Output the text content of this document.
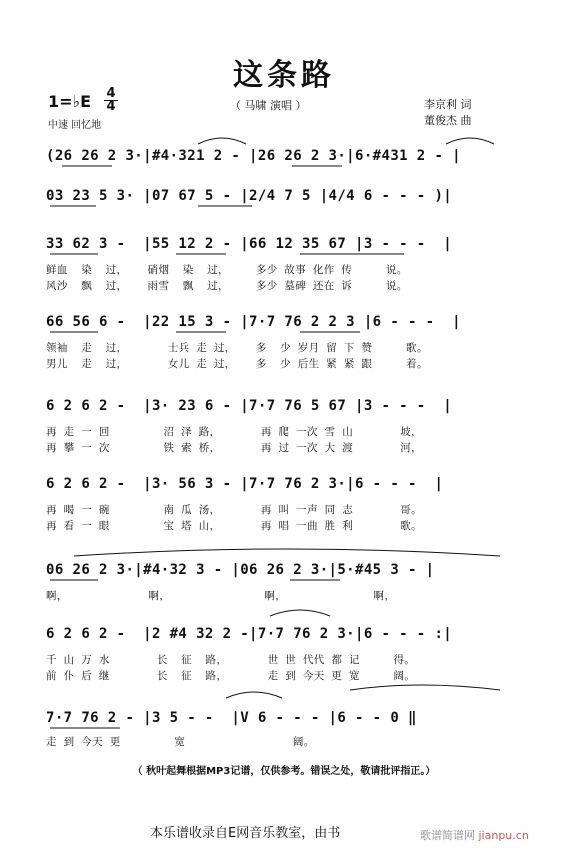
这条路
1=♭E 4
4
中速 回忆地
（ 马啸 演唱 ）	李京利 词
董俊杰 曲
(26 26 2 3·|#4·321 2 - |26 26 2 3·|6·#431 2 - |
03 23 5 3· |07 67 5 - |2/4 7 5 |4/4 6 - - - )|
33 62 3 -  |55 12 2 - |66 12 35 67 |3 - - -  |
鲜血  染  过，   硝烟  染  过，    多少 故事 化作 传     说。
风沙  飘  过，   雨雪  飘  过，    多少 墓碑 还在 诉     说。
66 56 6 -  |22 15 3 - |7·7 76 2 2 3 |6 - - -  |
领袖  走  过，      士兵 走 过，   多  少 岁月 留 下 赞     歌。
男儿  走  过，      女儿 走 过，   多  少 后生 紧 紧 跟     着。
6 2 6 2 -  |3· 23 6 - |7·7 76 5 67 |3 - - -  |
再 走 一 回        沼 泽 路，      再 爬 一次 雪 山       坡，
再 攀 一 次        铁 索 桥，      再 过 一次 大 渡       河，
6 2 6 2 -  |3· 56 3 - |7·7 76 2 3·|6 - - -  |
再 喝 一 碗        南 瓜 汤，      再 叫 一声 同 志       哥。
再 看 一 眼        宝 塔 山，      再 唱 一曲 胜 利       歌。
06 26 2 3·|#4·32 3 - |06 26 2 3·|5·#45 3 - |
啊，            啊，              啊，             啊，
6 2 6 2 -  |2 #4 32 2 -|7·7 76 2 3·|6 - - - :|
千 山 万 水       长  征  路，      世 世 代代 都 记     得。
前 仆 后 继       长  征  路，      走 到 今天 更 宽     阔。
7·7 76 2 - |3 5 - -  |V 6 - - - |6 - - 0 ‖
走 到 今天 更        宽                阔。
（ 秋叶起舞根据MP3记谱，仅供参考。错误之处，敬请批评指正。）
本乐谱收录自E网音乐教室，由书	歌谱简谱网 jianpu.cn
